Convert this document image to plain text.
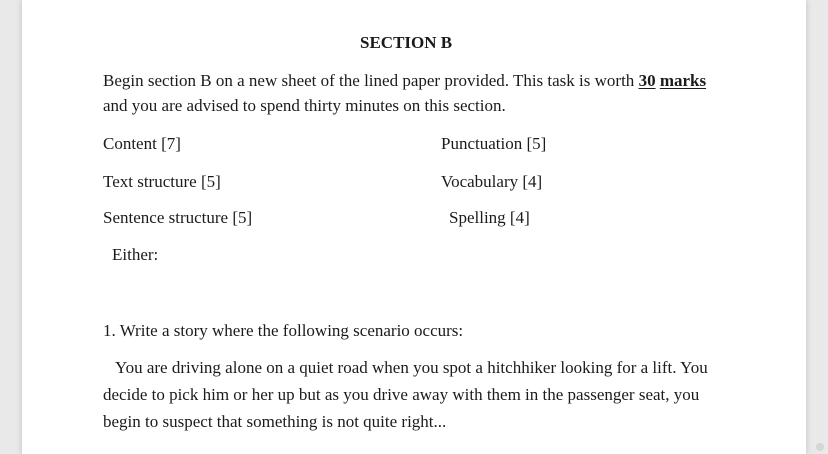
SECTION B
Begin section B on a new sheet of the lined paper provided. This task is worth 30 marks and you are advised to spend thirty minutes on this section.
Content [7]	Punctuation [5]
Text structure [5]	Vocabulary [4]
Sentence structure [5]	Spelling [4]
Either:
1. Write a story where the following scenario occurs:
You are driving alone on a quiet road when you spot a hitchhiker looking for a lift. You decide to pick him or her up but as you drive away with them in the passenger seat, you begin to suspect that something is not quite right...
